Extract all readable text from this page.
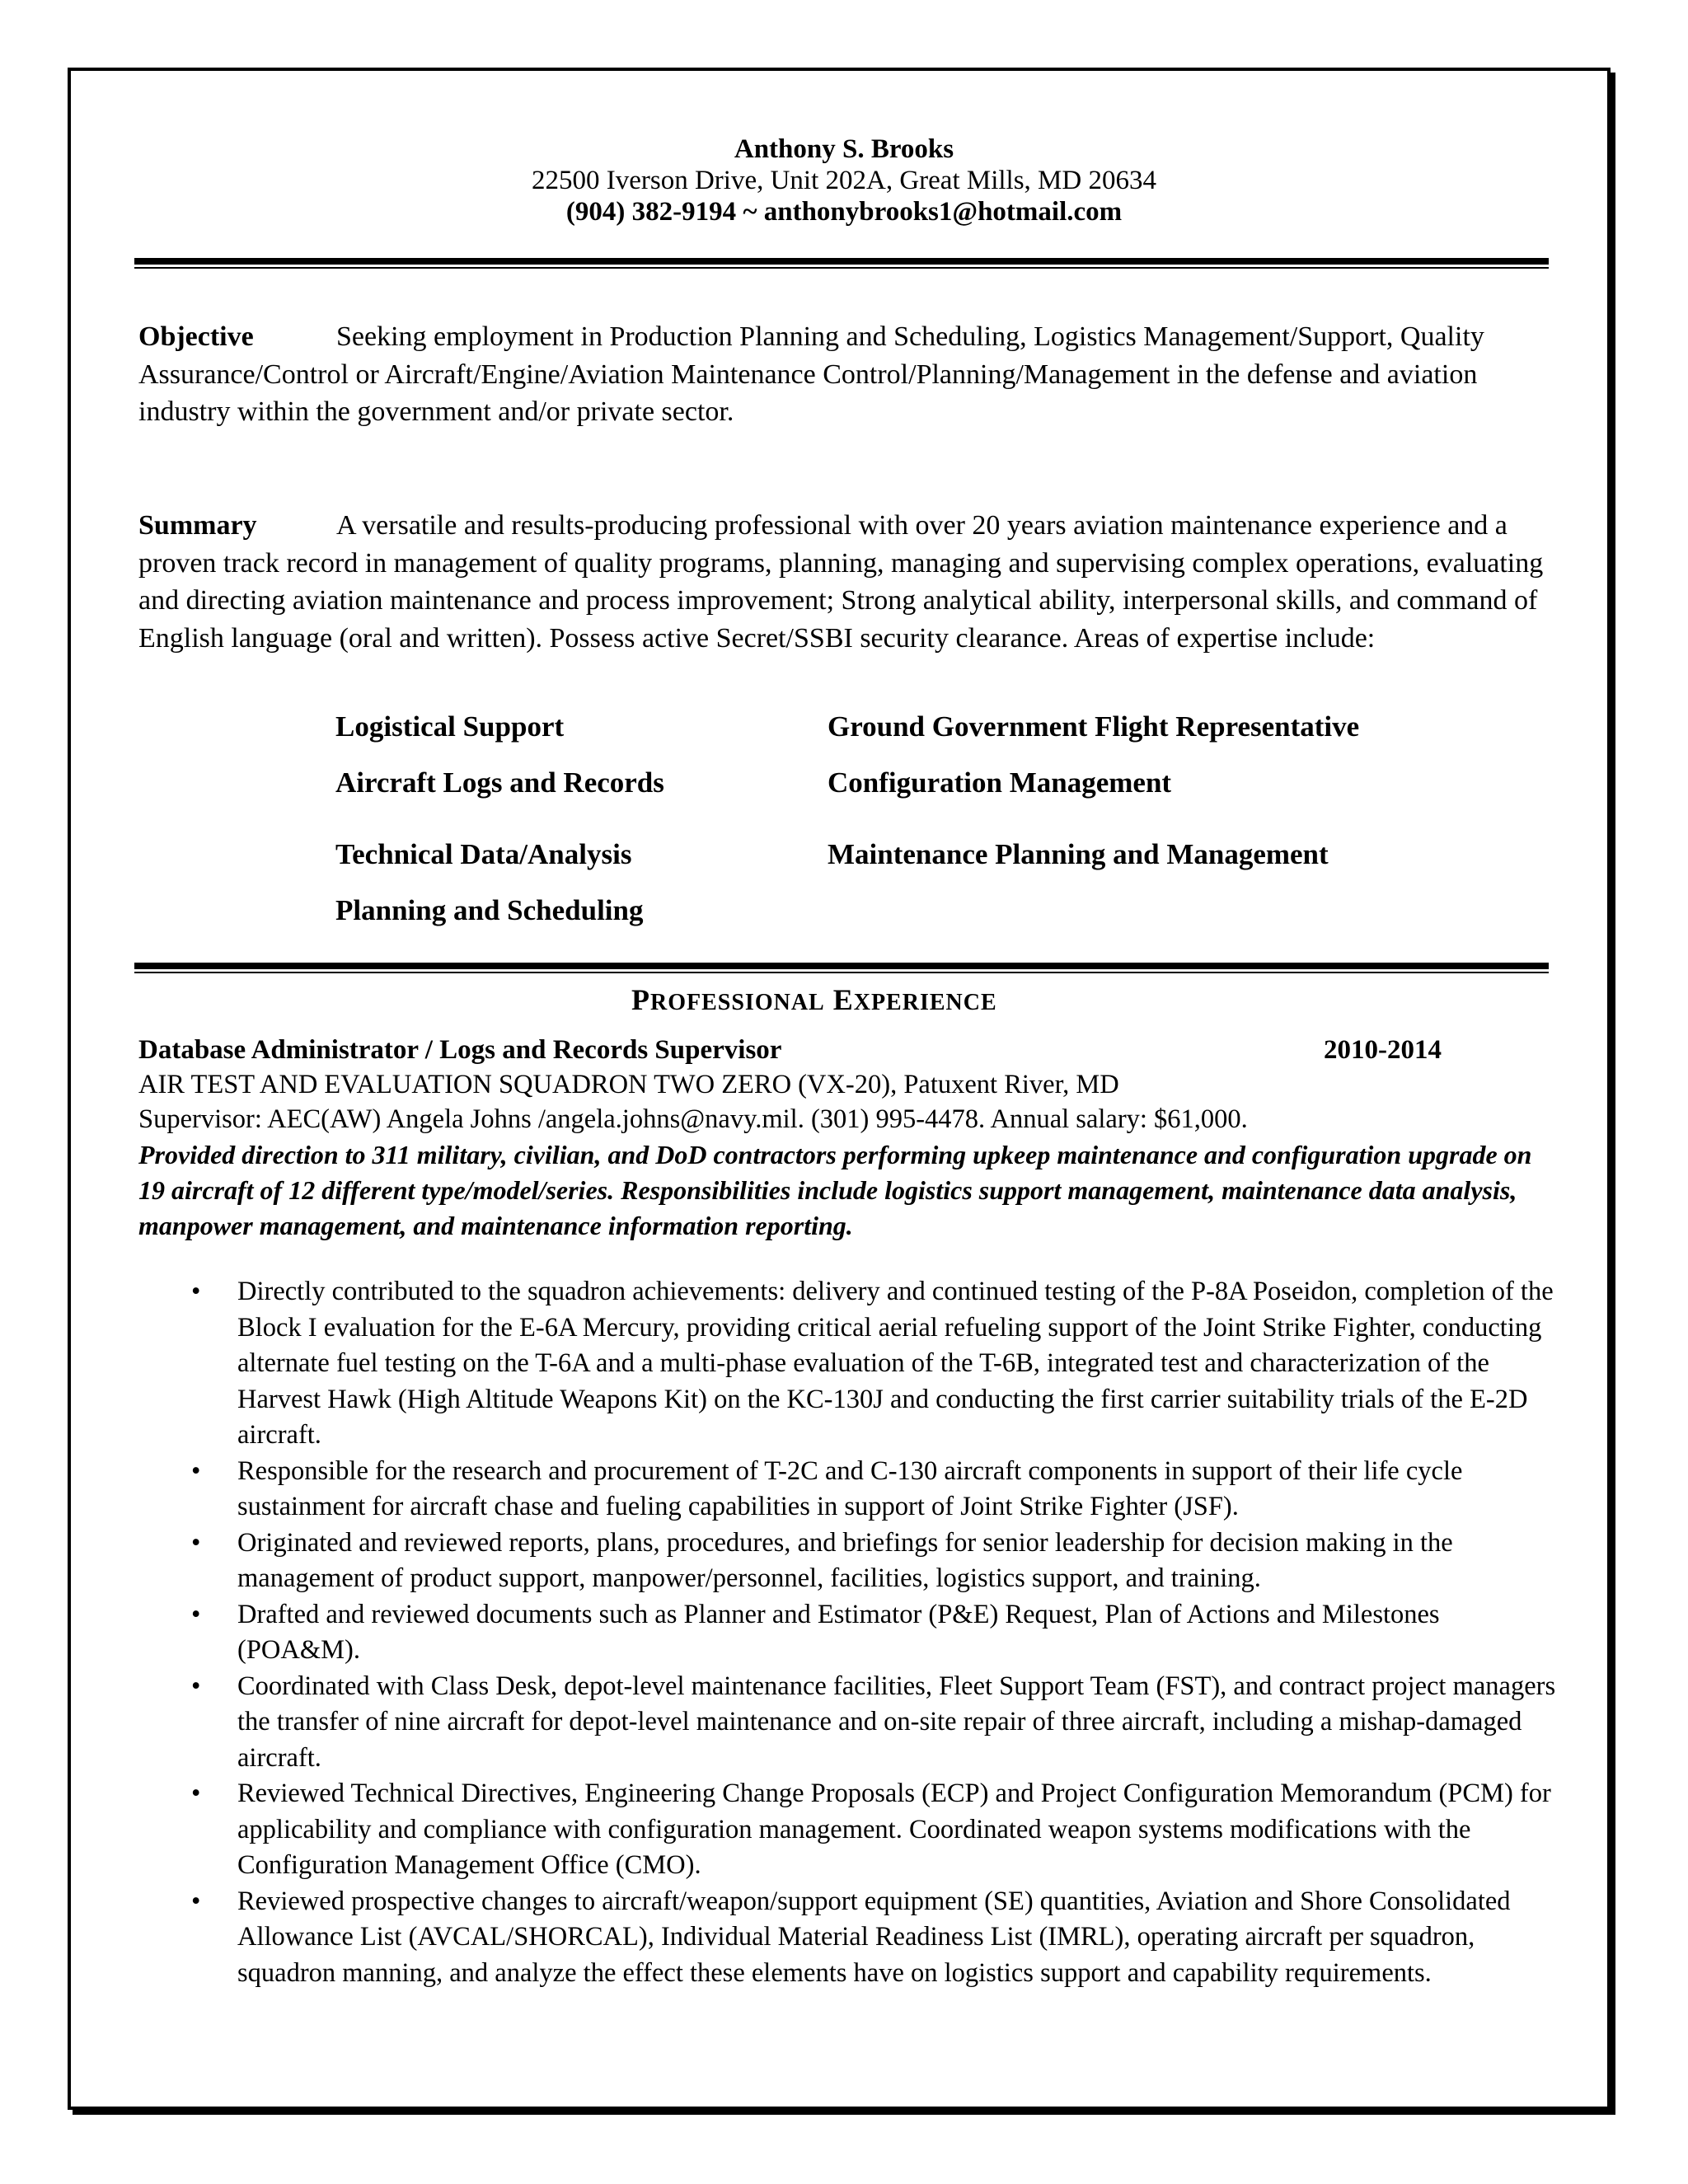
Anthony S. Brooks
22500 Iverson Drive, Unit 202A, Great Mills, MD 20634
(904) 382-9194 ~ anthonybrooks1@hotmail.com
Objective	Seeking employment in Production Planning and Scheduling, Logistics Management/Support, Quality Assurance/Control or Aircraft/Engine/Aviation Maintenance Control/Planning/Management in the defense and aviation industry within the government and/or private sector.
Summary	A versatile and results-producing professional with over 20 years aviation maintenance experience and a proven track record in management of quality programs, planning, managing and supervising complex operations, evaluating and directing aviation maintenance and process improvement; Strong analytical ability, interpersonal skills, and command of English language (oral and written). Possess active Secret/SSBI security clearance. Areas of expertise include:
Logistical Support	Ground Government Flight Representative
Aircraft Logs and Records	Configuration Management
Technical Data/Analysis	Maintenance Planning and Management
Planning and Scheduling
PROFESSIONAL EXPERIENCE
Database Administrator / Logs and Records Supervisor	2010-2014
AIR TEST AND EVALUATION SQUADRON TWO ZERO (VX-20), Patuxent River, MD
Supervisor: AEC(AW) Angela Johns /angela.johns@navy.mil. (301) 995-4478. Annual salary: $61,000.
Provided direction to 311 military, civilian, and DoD contractors performing upkeep maintenance and configuration upgrade on 19 aircraft of 12 different type/model/series. Responsibilities include logistics support management, maintenance data analysis, manpower management, and maintenance information reporting.
• Directly contributed to the squadron achievements: delivery and continued testing of the P-8A Poseidon, completion of the Block I evaluation for the E-6A Mercury, providing critical aerial refueling support of the Joint Strike Fighter, conducting alternate fuel testing on the T-6A and a multi-phase evaluation of the T-6B, integrated test and characterization of the Harvest Hawk (High Altitude Weapons Kit) on the KC-130J and conducting the first carrier suitability trials of the E-2D aircraft.
• Responsible for the research and procurement of T-2C and C-130 aircraft components in support of their life cycle sustainment for aircraft chase and fueling capabilities in support of Joint Strike Fighter (JSF).
• Originated and reviewed reports, plans, procedures, and briefings for senior leadership for decision making in the management of product support, manpower/personnel, facilities, logistics support, and training.
• Drafted and reviewed documents such as Planner and Estimator (P&E) Request, Plan of Actions and Milestones (POA&M).
• Coordinated with Class Desk, depot-level maintenance facilities, Fleet Support Team (FST), and contract project managers the transfer of nine aircraft for depot-level maintenance and on-site repair of three aircraft, including a mishap-damaged aircraft.
• Reviewed Technical Directives, Engineering Change Proposals (ECP) and Project Configuration Memorandum (PCM) for applicability and compliance with configuration management. Coordinated weapon systems modifications with the Configuration Management Office (CMO).
• Reviewed prospective changes to aircraft/weapon/support equipment (SE) quantities, Aviation and Shore Consolidated Allowance List (AVCAL/SHORCAL), Individual Material Readiness List (IMRL), operating aircraft per squadron, squadron manning, and analyze the effect these elements have on logistics support and capability requirements.
